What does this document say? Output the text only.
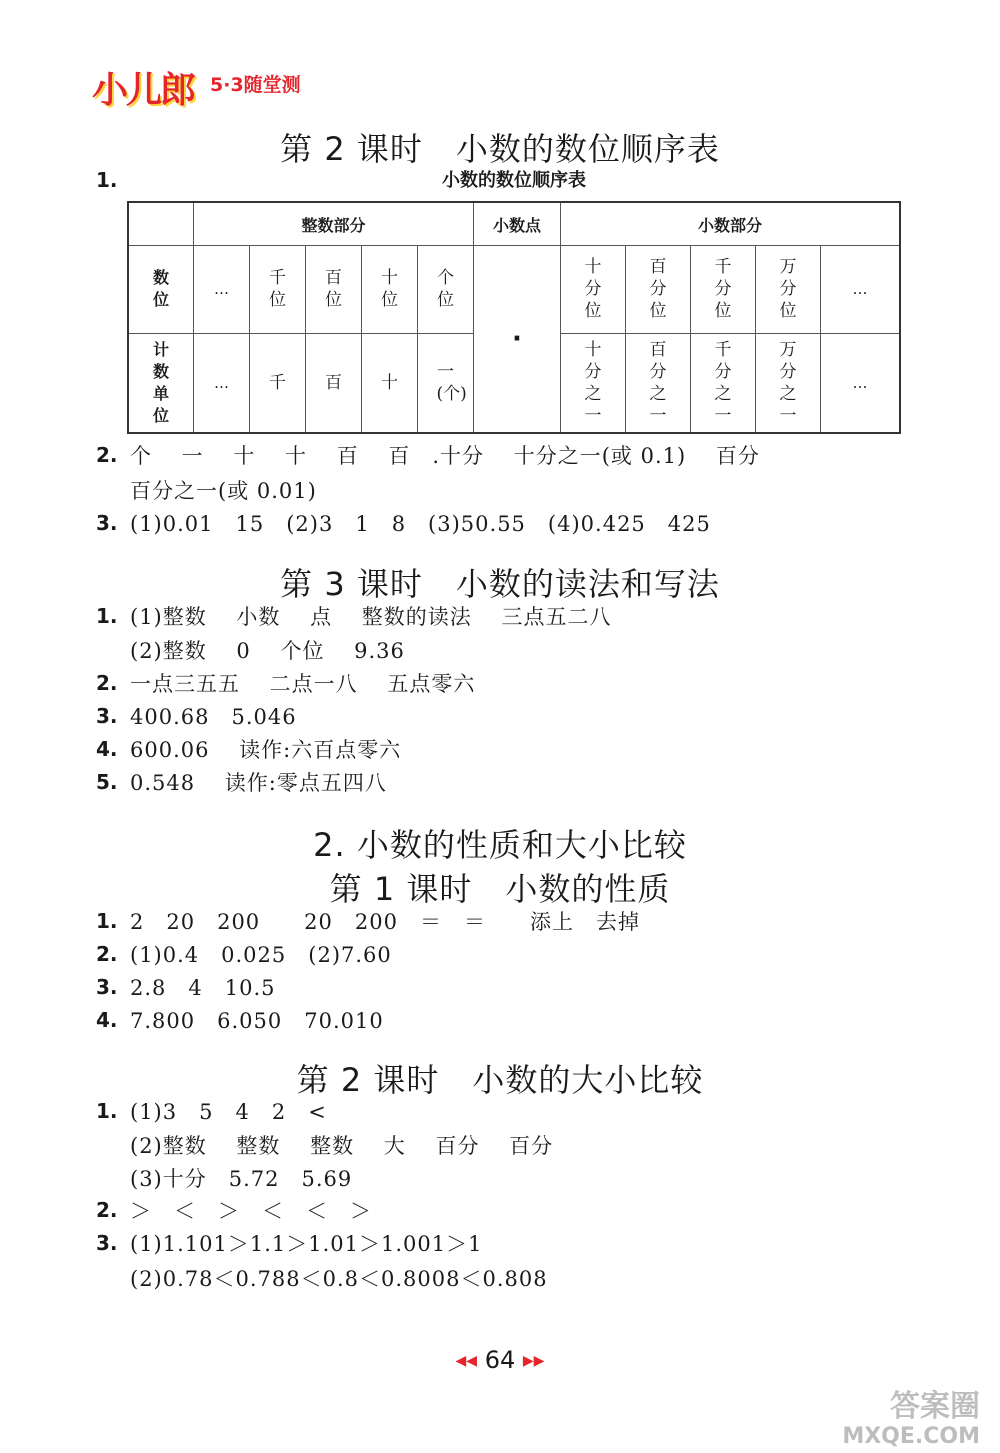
小儿郎 5·3随堂测
第 2 课时　小数的数位顺序表
1.	小数的数位顺序表
	整数部分					小数点	小数部分				
数位	…	千位	百位	十位	个位	·	十分位	百分位	千分位	万分位	…
计数单位	…	千	百	十	一(个)		十分之一	百分之一	千分之一	万分之一	…
2. 个　 一　 十　 十　 百　 百　.十分　 十分之一(或 0.1)　 百分
百分之一(或 0.01)
3. (1)0.01　15　(2)3　1　8　(3)50.55　(4)0.425　425
第 3 课时　小数的读法和写法
1. (1)整数　 小数　 点　 整数的读法　 三点五二八
(2)整数　 0　 个位　 9.36
2. 一点三五五　 二点一八　 五点零六
3. 400.68　5.046
4. 600.06　 读作:六百点零六
5. 0.548　 读作:零点五四八
2. 小数的性质和大小比较
第 1 课时　小数的性质
1. 2　20　200　　20　200　＝　＝　　添上　去掉
2. (1)0.4　0.025　(2)7.60
3. 2.8　4　10.5
4. 7.800　6.050　70.010
第 2 课时　小数的大小比较
1. (1)3　5　4　2　<
(2)整数　 整数　 整数　 大　 百分　 百分
(3)十分　5.72　5.69
2. ＞　＜　＞　＜　＜　＞
3. (1)1.101＞1.1＞1.01＞1.001＞1
(2)0.78＜0.788＜0.8＜0.8008＜0.808
◀◀ 64 ▶▶
答案圈
MXQE.COM
